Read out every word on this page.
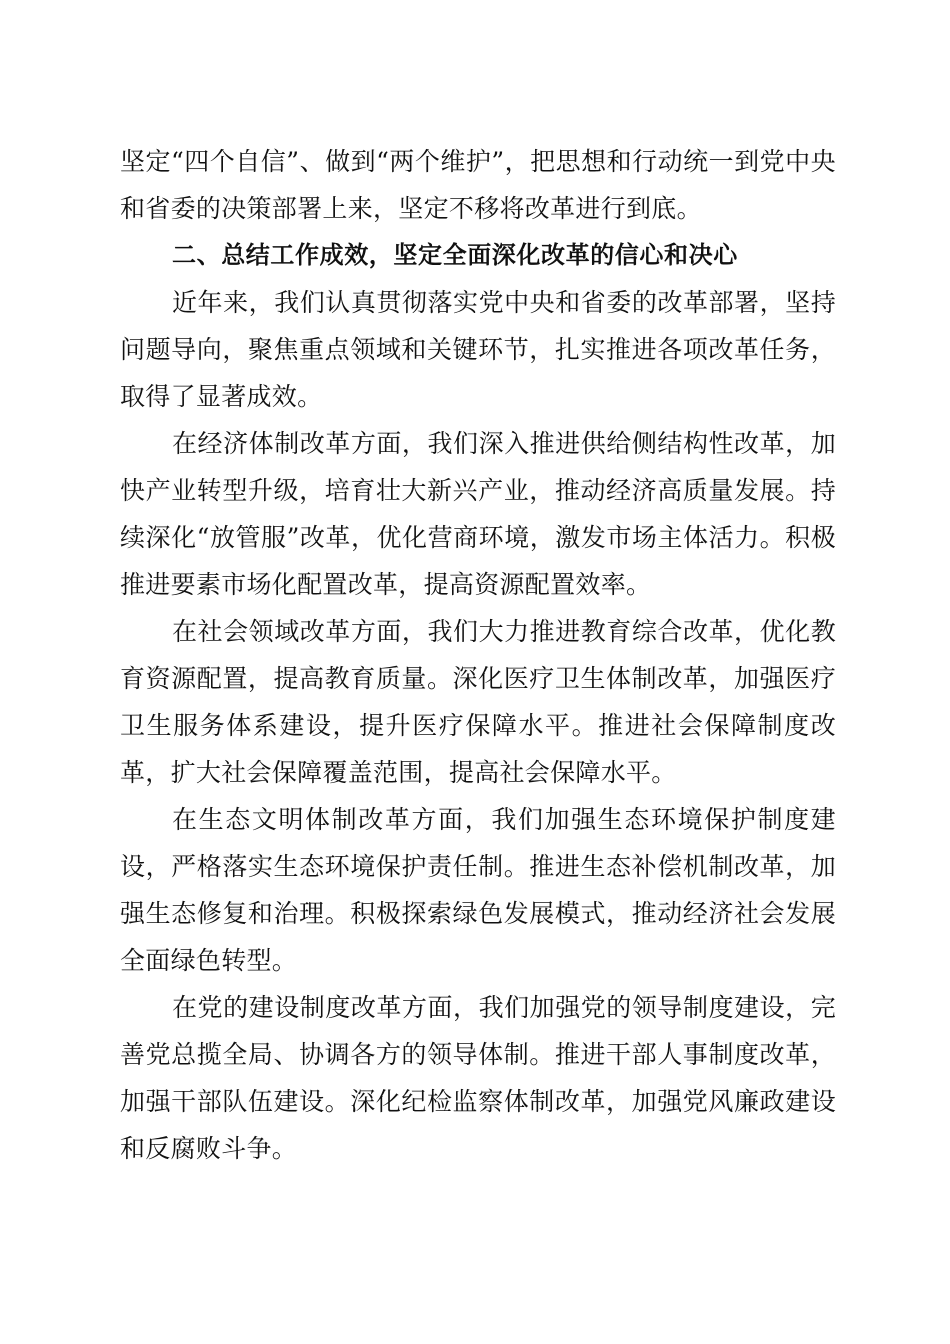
坚定“四个自信”、做到“两个维护”，把思想和行动统一到党中央和省委的决策部署上来，坚定不移将改革进行到底。

二、总结工作成效，坚定全面深化改革的信心和决心

近年来，我们认真贯彻落实党中央和省委的改革部署，坚持问题导向，聚焦重点领域和关键环节，扎实推进各项改革任务，取得了显著成效。

在经济体制改革方面，我们深入推进供给侧结构性改革，加快产业转型升级，培育壮大新兴产业，推动经济高质量发展。持续深化“放管服”改革，优化营商环境，激发市场主体活力。积极推进要素市场化配置改革，提高资源配置效率。

在社会领域改革方面，我们大力推进教育综合改革，优化教育资源配置，提高教育质量。深化医疗卫生体制改革，加强医疗卫生服务体系建设，提升医疗保障水平。推进社会保障制度改革，扩大社会保障覆盖范围，提高社会保障水平。

在生态文明体制改革方面，我们加强生态环境保护制度建设，严格落实生态环境保护责任制。推进生态补偿机制改革，加强生态修复和治理。积极探索绿色发展模式，推动经济社会发展全面绿色转型。

在党的建设制度改革方面，我们加强党的领导制度建设，完善党总揽全局、协调各方的领导体制。推进干部人事制度改革，加强干部队伍建设。深化纪检监察体制改革，加强党风廉政建设和反腐败斗争。
